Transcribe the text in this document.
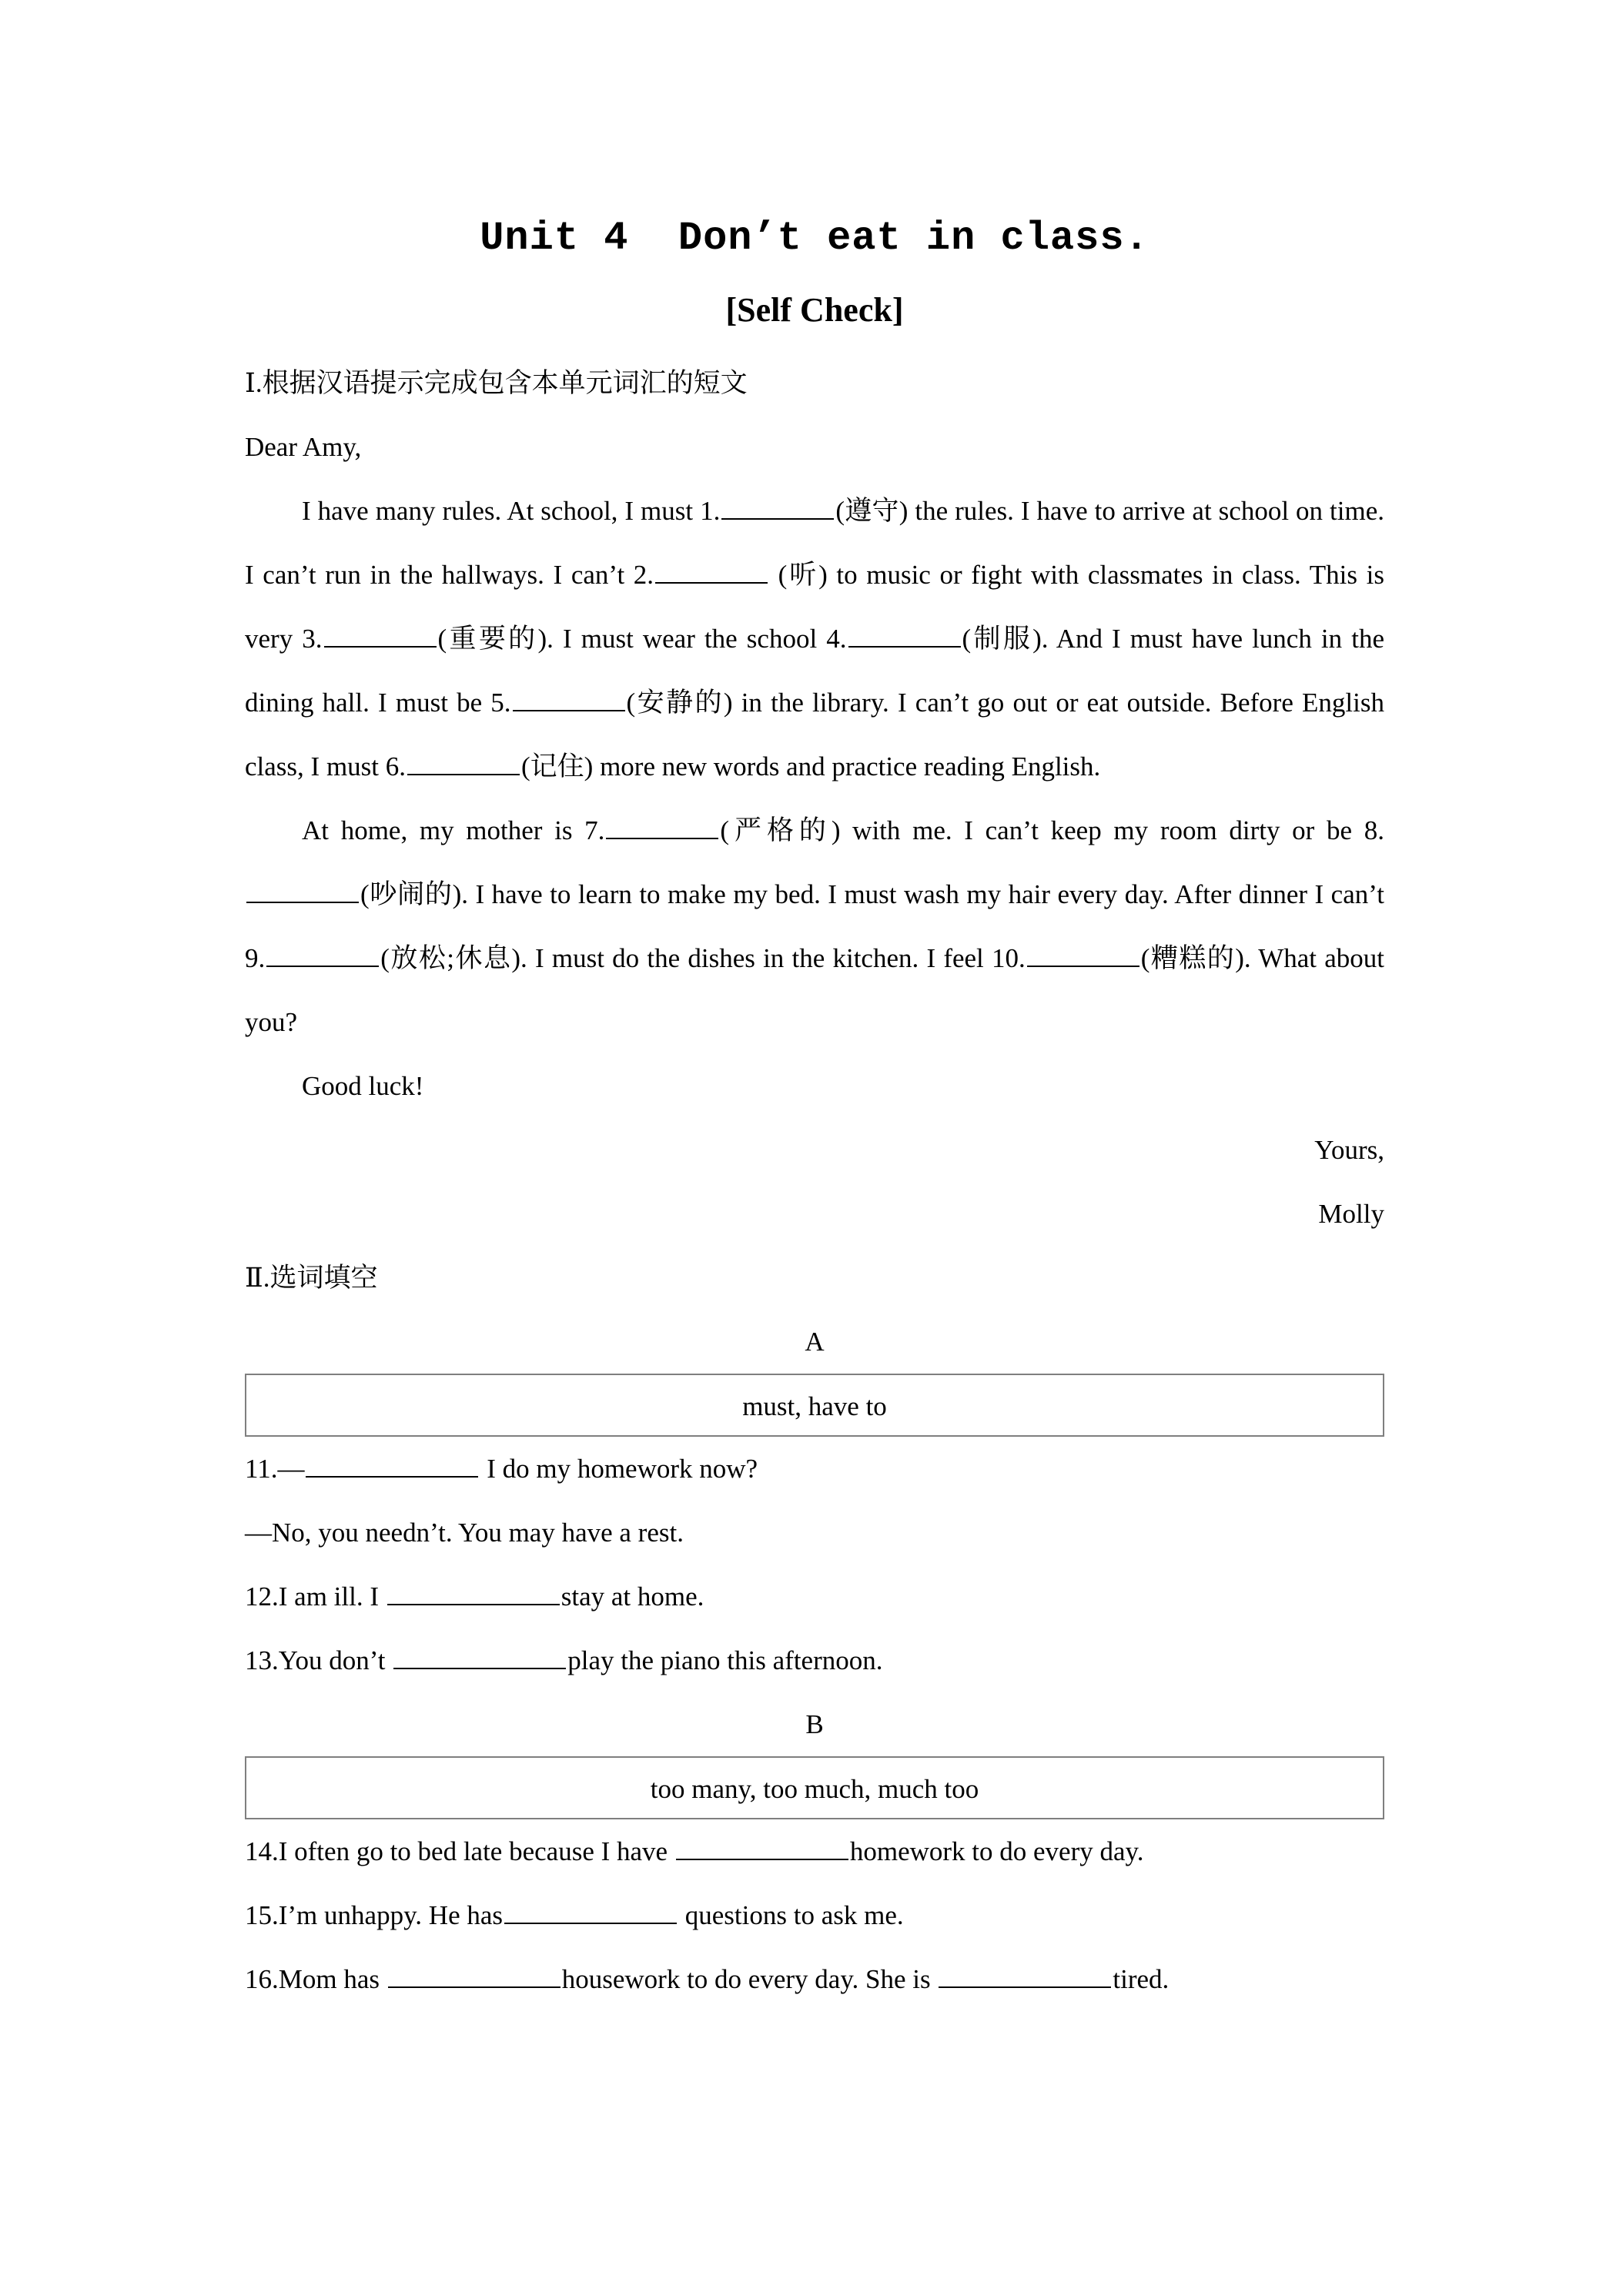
Unit 4  Don’t eat in class.
[Self Check]
Ⅰ.根据汉语提示完成包含本单元词汇的短文
Dear Amy,

I have many rules. At school, I must 1.	(遵守) the rules. I have to arrive at school on time. I can’t run in the hallways. I can’t 2.	(听) to music or fight with classmates in class. This is very 3.	(重要的). I must wear the school 4.	(制服). And I must have lunch in the dining hall. I must be 5.	(安静的) in the library. I can’t go out or eat outside. Before English class, I must 6.	(记住) more new words and practice reading English.

At home, my mother is 7.	(严格的) with me. I can’t keep my room dirty or be 8.(吵闹的). I have to learn to make my bed. I must wash my hair every day. After dinner I can’t 9.	(放松;休息). I must do the dishes in the kitchen. I feel 10.	(糟糕的). What about you?

Good luck!
Yours,
Molly
Ⅱ.选词填空
A
must, have to
11.—	I do my homework now?
—No, you needn’t. You may have a rest.
12.I am ill. I	stay at home.
13.You don’t	play the piano this afternoon.
B
too many, too much, much too
14.I often go to bed late because I have	homework to do every day.
15.I’m unhappy. He has	questions to ask me.
16.Mom has	housework to do every day. She is	tired.
